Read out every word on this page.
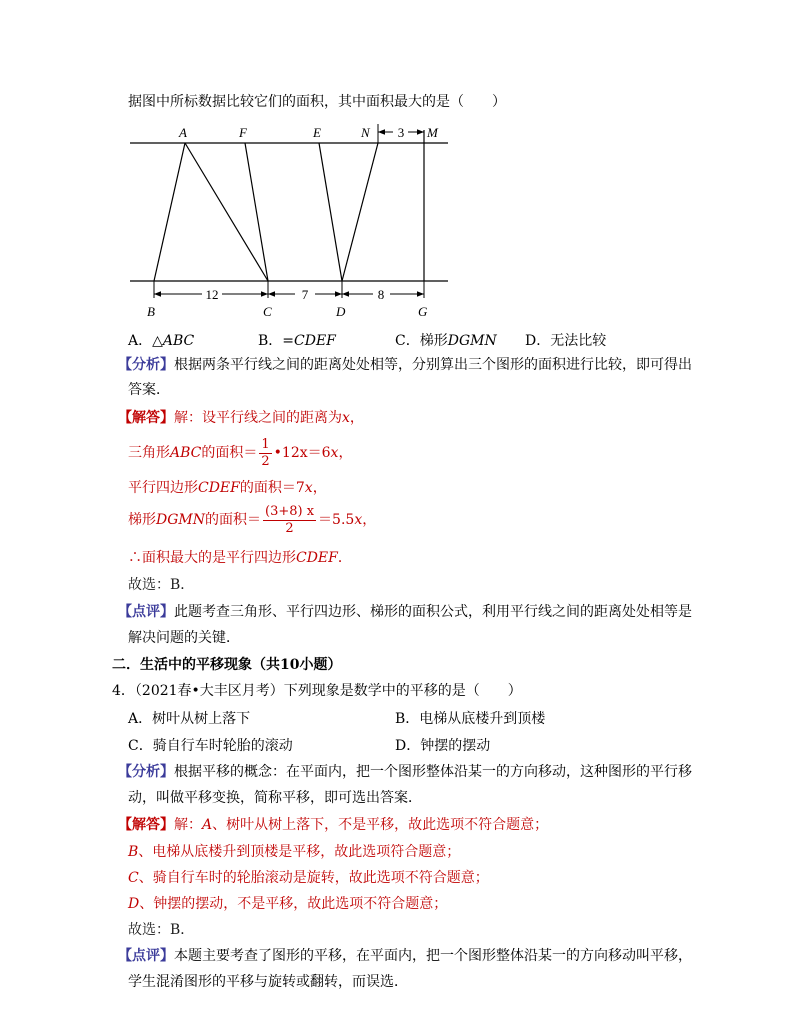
据图中所标数据比较它们的面积，其中面积最大的是（　　）
12	7	8
3
A	F	E	N	M
B	C	D	G
A．△ABC	B．=CDEF	C．梯形DGMN D．无法比较
【分析】根据两条平行线之间的距离处处相等，分别算出三个图形的面积进行比较，即可得出
答案．
【解答】解：设平行线之间的距离为x，
三角形ABC的面积＝ $\frac{1}{2}$ •12x＝6x，
平行四边形CDEF的面积＝7x，
梯形DGMN的面积＝ $\frac{(3+8) x}{2} =5.5x$，
∴面积最大的是平行四边形CDEF．
故选：B．
【点评】此题考查三角形、平行四边形、梯形的面积公式，利用平行线之间的距离处处相等是
解决问题的关键．
二．生活中的平移现象（共10小题）
4．（2021春•大丰区月考）下列现象是数学中的平移的是（　　）
A．树叶从树上落下	B．电梯从底楼升到顶楼
C．骑自行车时轮胎的滚动	D．钟摆的摆动
【分析】根据平移的概念：在平面内，把一个图形整体沿某一的方向移动，这种图形的平行移
动，叫做平移变换，简称平移，即可选出答案．
【解答】解：A、树叶从树上落下，不是平移，故此选项不符合题意；
B、电梯从底楼升到顶楼是平移，故此选项符合题意；
C、骑自行车时的轮胎滚动是旋转，故此选项不符合题意；
D、钟摆的摆动，不是平移，故此选项不符合题意；
故选：B．
【点评】本题主要考查了图形的平移，在平面内，把一个图形整体沿某一的方向移动叫平移，
学生混淆图形的平移与旋转或翻转，而误选．
